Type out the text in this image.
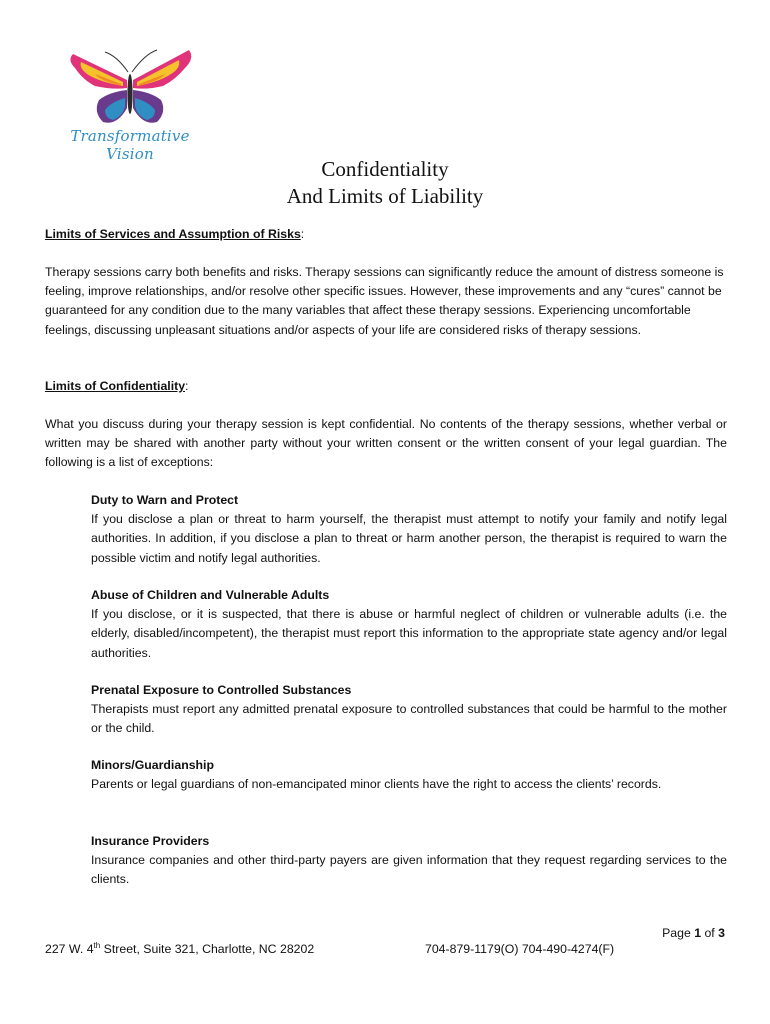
Transformative Vision
Confidentiality
And Limits of Liability
Limits of Services and Assumption of Risks:

Therapy sessions carry both benefits and risks. Therapy sessions can significantly reduce the amount of distress someone is feeling, improve relationships, and/or resolve other specific issues. However, these improvements and any “cures” cannot be guaranteed for any condition due to the many variables that affect these therapy sessions. Experiencing uncomfortable feelings, discussing unpleasant situations and/or aspects of your life are considered risks of therapy sessions.

Limits of Confidentiality:

What you discuss during your therapy session is kept confidential. No contents of the therapy sessions, whether verbal or written may be shared with another party without your written consent or the written consent of your legal guardian. The following is a list of exceptions:

Duty to Warn and Protect
If you disclose a plan or threat to harm yourself, the therapist must attempt to notify your family and notify legal authorities. In addition, if you disclose a plan to threat or harm another person, the therapist is required to warn the possible victim and notify legal authorities.
Abuse of Children and Vulnerable Adults
If you disclose, or it is suspected, that there is abuse or harmful neglect of children or vulnerable adults (i.e. the elderly, disabled/incompetent), the therapist must report this information to the appropriate state agency and/or legal authorities.
Prenatal Exposure to Controlled Substances
Therapists must report any admitted prenatal exposure to controlled substances that could be harmful to the mother or the child.
Minors/Guardianship
Parents or legal guardians of non-emancipated minor clients have the right to access the clients’ records.
Insurance Providers
Insurance companies and other third-party payers are given information that they request regarding services to the clients.
Page 1 of 3
227 W. 4th Street, Suite 321, Charlotte, NC 28202	704-879-1179(O) 704-490-4274(F)
